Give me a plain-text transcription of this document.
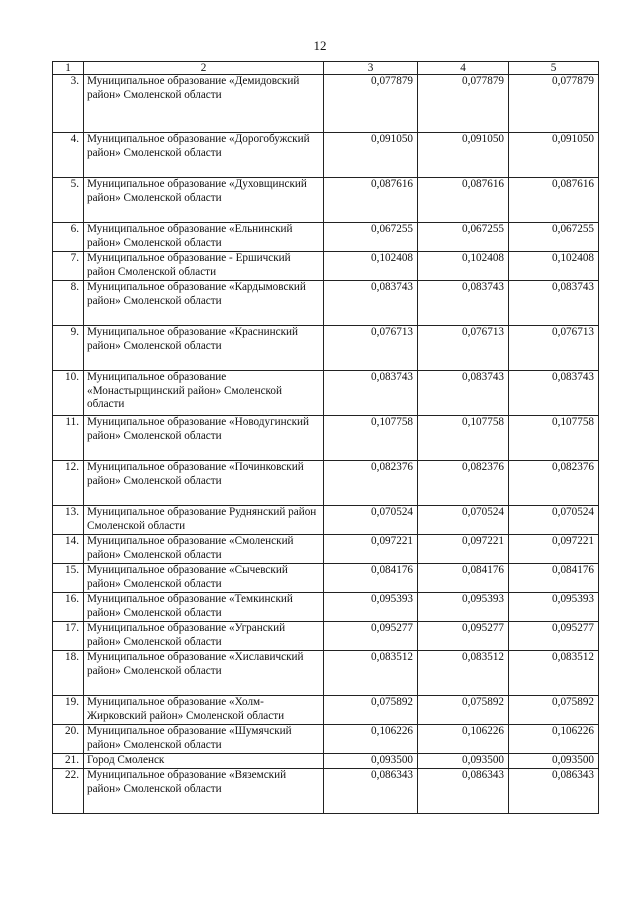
12
1	2	3	4	5
3.	Муниципальное образование «Демидовский район» Смоленской области	0,077879	0,077879	0,077879
4.	Муниципальное образование «Дорогобужский район» Смоленской области	0,091050	0,091050	0,091050
5.	Муниципальное образование «Духовщинский район» Смоленской области	0,087616	0,087616	0,087616
6.	Муниципальное образование «Ельнинский район» Смоленской области	0,067255	0,067255	0,067255
7.	Муниципальное образование - Ершичский район Смоленской области	0,102408	0,102408	0,102408
8.	Муниципальное образование «Кардымовский район» Смоленской области	0,083743	0,083743	0,083743
9.	Муниципальное образование «Краснинский район» Смоленской области	0,076713	0,076713	0,076713
10.	Муниципальное образование «Монастырщинский район» Смоленской области	0,083743	0,083743	0,083743
11.	Муниципальное образование «Новодугинский район» Смоленской области	0,107758	0,107758	0,107758
12.	Муниципальное образование «Починковский район» Смоленской области	0,082376	0,082376	0,082376
13.	Муниципальное образование Руднянский район Смоленской области	0,070524	0,070524	0,070524
14.	Муниципальное образование «Смоленский район» Смоленской области	0,097221	0,097221	0,097221
15.	Муниципальное образование «Сычевский район» Смоленской области	0,084176	0,084176	0,084176
16.	Муниципальное образование «Темкинский район» Смоленской области	0,095393	0,095393	0,095393
17.	Муниципальное образование «Угранский район» Смоленской области	0,095277	0,095277	0,095277
18.	Муниципальное образование «Хиславичский район» Смоленской области	0,083512	0,083512	0,083512
19.	Муниципальное образование «Холм-Жирковский район» Смоленской области	0,075892	0,075892	0,075892
20.	Муниципальное образование «Шумячский район» Смоленской области	0,106226	0,106226	0,106226
21.	Город Смоленск	0,093500	0,093500	0,093500
22.	Муниципальное образование «Вяземский район» Смоленской области	0,086343	0,086343	0,086343
